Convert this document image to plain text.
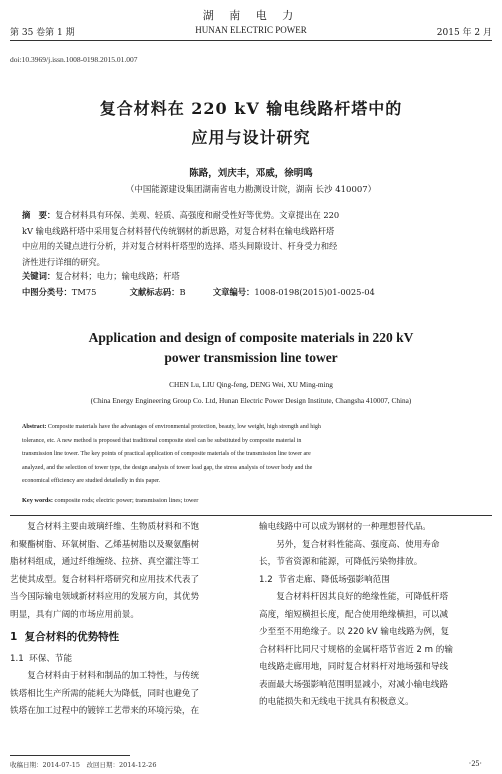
湖 南 电 力
第 35 卷第 1 期	HUNAN ELECTRIC POWER	2015 年 2 月
doi:10.3969/j.issn.1008-0198.2015.01.007
复合材料在 220 kV 输电线路杆塔中的
应用与设计研究
陈路，刘庆丰，邓威，徐明鸣
（中国能源建设集团湖南省电力勘测设计院，湖南 长沙 410007）
摘　要：复合材料具有环保、美观、轻质、高强度和耐受性好等优势。文章提出在 220
kV 输电线路杆塔中采用复合材料替代传统钢材的新思路，对复合材料在输电线路杆塔
中应用的关键点进行分析，并对复合材料杆塔型的选择、塔头间隙设计、杆身受力和经
济性进行详细的研究。
关键词：复合材料；电力；输电线路；杆塔
中图分类号：TM75	文献标志码：B	文章编号：1008-0198(2015)01-0025-04
Application and design of composite materials in 220 kV
power transmission line tower
CHEN Lu, LIU Qing-feng, DENG Wei, XU Ming-ming
(China Energy Engineering Group Co. Ltd, Hunan Electric Power Design Institute, Changsha 410007, China)
Abstract: Composite materials have the advantages of environmental protection, beauty, low weight, high strength and high
tolerance, etc. A new method is proposed that traditional composite steel can be substituted by composite material in
transmission line tower. The key points of practical application of composite materials of the transmission line tower are
analyzed, and the selection of tower type, the design analysis of tower load gap, the stress analysis of tower body and the
economical efficiency are studied detailedly in this paper.
Key words: composite rods; electric power; transmission lines; tower

复合材料主要由玻璃纤维、生物质材料和不饱

和聚酯树脂、环氧树脂、乙烯基树脂以及聚氨酯树

脂材料组成，通过纤维缠绕、拉挤、真空灌注等工

艺使其成型。复合材料杆塔研究和应用技术代表了

当今国际输电领域新材料应用的发展方向，其优势

明显，具有广阔的市场应用前景。

1 复合材料的优势特性

1.1 环保、节能

复合材料由于材料和制品的加工特性，与传统

铁塔相比生产所需的能耗大为降低，同时也避免了

铁塔在加工过程中的镀锌工艺带来的环境污染，在

输电线路中可以成为钢材的一种理想替代品。

另外，复合材料性能高、强度高、使用寿命

长，节省资源和能源，可降低污染物排放。

1.2 节省走廊、降低场强影响范围

复合材料杆因其良好的绝缘性能，可降低杆塔

高度，缩短横担长度，配合使用绝缘横担，可以减

少至至不用绝缘子。以 220 kV 输电线路为例，复

合材料杆比同尺寸规格的金属杆塔节省近 2 m 的输

电线路走廊用地，同时复合材料杆对地场强和导线

表面最大场强影响范围明显减小，对减小输电线路

的电能损失和无线电干扰具有积极意义。

收稿日期：2014-07-15　改回日期：2014-12-26	·25·
